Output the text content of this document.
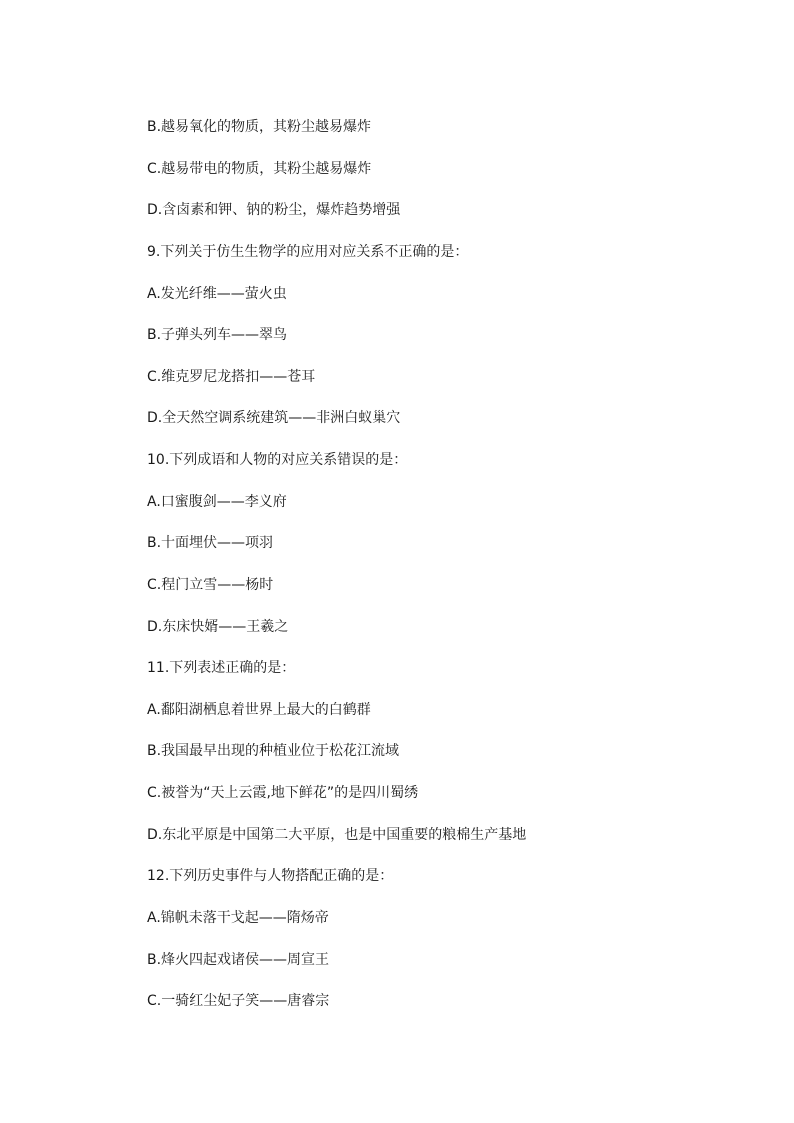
B.越易氧化的物质，其粉尘越易爆炸

C.越易带电的物质，其粉尘越易爆炸

D.含卤素和钾、钠的粉尘，爆炸趋势增强

9.下列关于仿生生物学的应用对应关系不正确的是：

A.发光纤维——萤火虫

B.子弹头列车——翠鸟

C.维克罗尼龙搭扣——苍耳

D.全天然空调系统建筑——非洲白蚁巢穴

10.下列成语和人物的对应关系错误的是：

A.口蜜腹剑——李义府

B.十面埋伏——项羽

C.程门立雪——杨时

D.东床快婿——王羲之

11.下列表述正确的是：

A.鄱阳湖栖息着世界上最大的白鹤群

B.我国最早出现的种植业位于松花江流域

C.被誉为“天上云霞,地下鲜花”的是四川蜀绣

D.东北平原是中国第二大平原，也是中国重要的粮棉生产基地

12.下列历史事件与人物搭配正确的是：

A.锦帆未落干戈起——隋炀帝

B.烽火四起戏诸侯——周宣王

C.一骑红尘妃子笑——唐睿宗
